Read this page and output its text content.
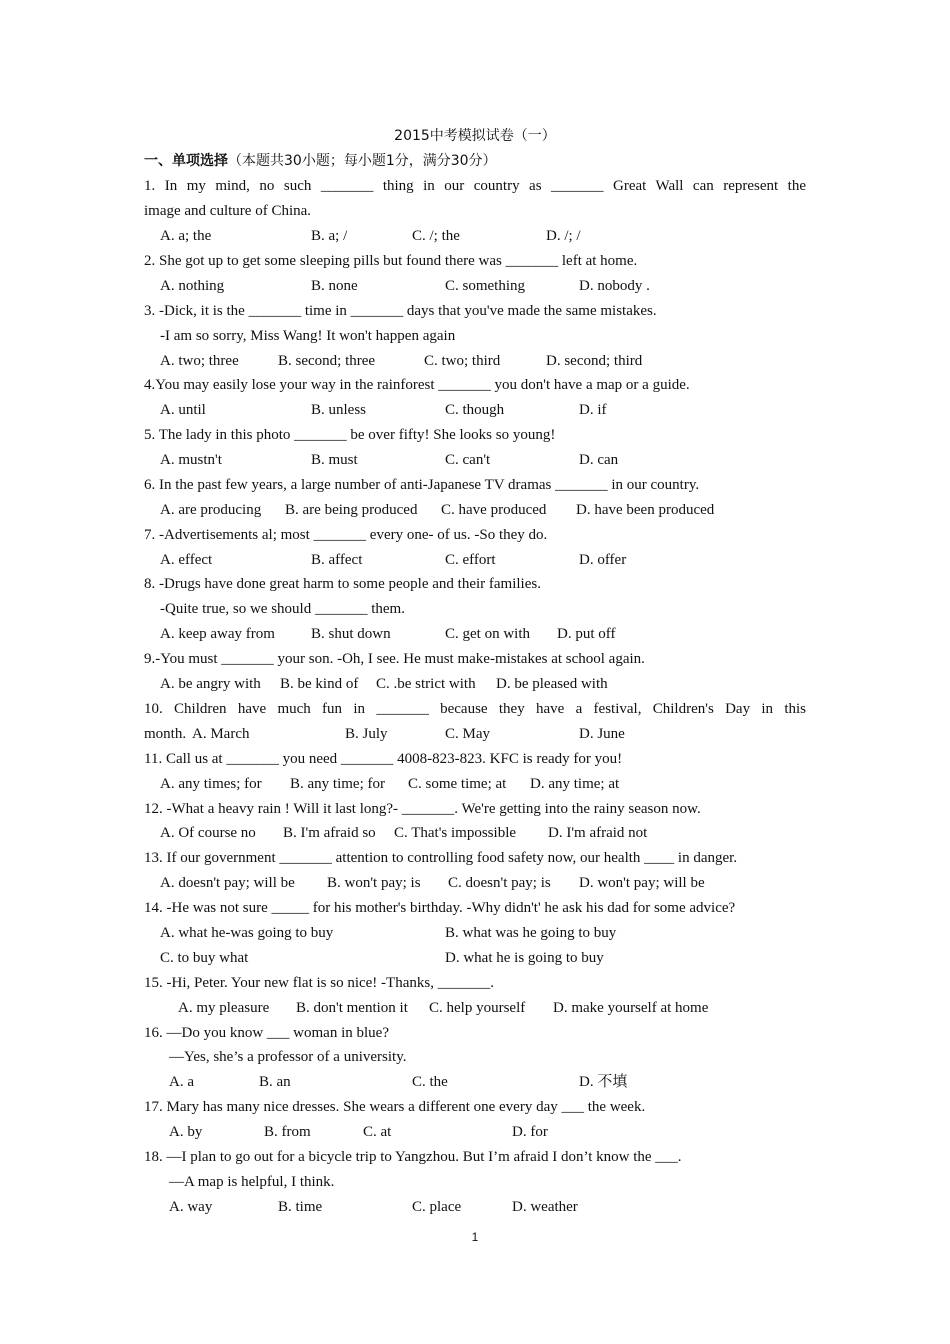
2015中考模拟试卷（一）
一、单项选择（本题共30小题；每小题1分，满分30分）
1. In my mind, no such _______ thing in our country as _______ Great Wall can represent the
image and culture of China.
A. a; the	B. a; /	C. /; the	D. /; /
2. She got up to get some sleeping pills but found there was _______ left at home.
A. nothing	B. none	C. something	D. nobody .
3. -Dick, it is the _______ time in _______ days that you've made the same mistakes.
-I am so sorry, Miss Wang! It won't happen again
A. two; three	B. second; three	C. two; third	D. second; third
4.You may easily lose your way in the rainforest _______ you don't have a map or a guide.
A. until	B. unless	C. though	D. if
5. The lady in this photo _______ be over fifty! She looks so young!
A. mustn't	B. must	C. can't	D. can
6. In the past few years, a large number of anti-Japanese TV dramas _______ in our country.
A. are producing B. are being produced C. have produced D. have been produced
7. -Advertisements al; most _______ every one- of us. -So they do.
A. effect	B. affect	C. effort	D. offer
8. -Drugs have done great harm to some people and their families.
-Quite true, so we should _______ them.
A. keep away from B. shut down	C. get on with D. put off
9.-You must _______ your son. -Oh, I see. He must make-mistakes at school again.
A. be angry with B. be kind of C. .be strict with D. be pleased with
10. Children have much fun in _______ because they have a festival, Children's Day in this
month. A. March	B. July	C. May	D. June
11. Call us at _______ you need _______ 4008-823-823. KFC is ready for you!
A. any times; for B. any time; for C. some time; at D. any time; at
12. -What a heavy rain ! Will it last long?- _______. We're getting into the rainy season now.
A. Of course no B. I'm afraid so C. That's impossible D. I'm afraid not
13. If our government _______ attention to controlling food safety now, our health ____ in danger.
A. doesn't pay; will be B. won't pay; is C. doesn't pay; is D. won't pay; will be
14. -He was not sure _____ for his mother's birthday. -Why didn't' he ask his dad for some advice?
A. what he-was going to buy	B. what was he going to buy
C. to buy what	D. what he is going to buy
15. -Hi, Peter. Your new flat is so nice! -Thanks, _______.
A. my pleasure B. don't mention it C. help yourself D. make yourself at home
16. —Do you know ___ woman in blue?
—Yes, she’s a professor of a university.
A. a	B. an	C. the	D. 不填
17. Mary has many nice dresses. She wears a different one every day ___ the week.
A. by	B. from	C. at	D. for
18. —I plan to go out for a bicycle trip to Yangzhou. But I’m afraid I don’t know the ___.
—A map is helpful, I think.
A. way	B. time	C. place	D. weather
1
